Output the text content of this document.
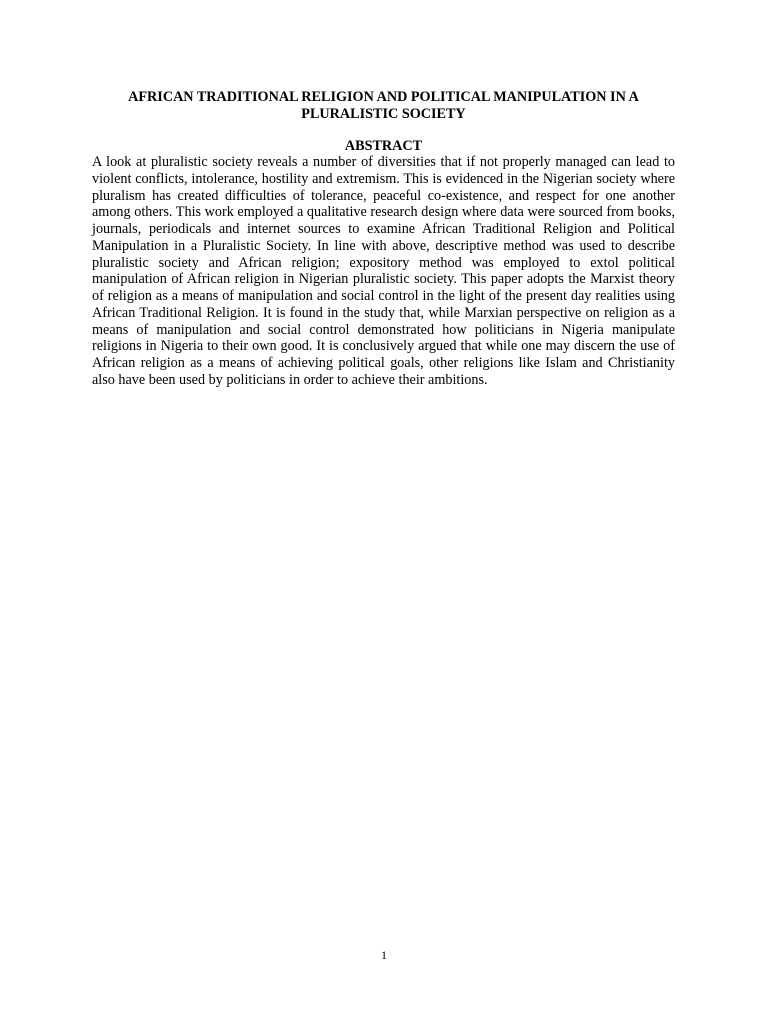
AFRICAN TRADITIONAL RELIGION AND POLITICAL MANIPULATION IN A PLURALISTIC SOCIETY
ABSTRACT

A look at pluralistic society reveals a number of diversities that if not properly managed can lead to violent conflicts, intolerance, hostility and extremism. This is evidenced in the Nigerian society where pluralism has created difficulties of tolerance, peaceful co-existence, and respect for one another among others. This work employed a qualitative research design where data were sourced from books, journals, periodicals and internet sources to examine African Traditional Religion and Political Manipulation in a Pluralistic Society. In line with above, descriptive method was used to describe pluralistic society and African religion; expository method was employed to extol political manipulation of African religion in Nigerian pluralistic society. This paper adopts the Marxist theory of religion as a means of manipulation and social control in the light of the present day realities using African Traditional Religion. It is found in the study that, while Marxian perspective on religion as a means of manipulation and social control demonstrated how politicians in Nigeria manipulate religions in Nigeria to their own good. It is conclusively argued that while one may discern the use of African religion as a means of achieving political goals, other religions like Islam and Christianity also have been used by politicians in order to achieve their ambitions.

1
